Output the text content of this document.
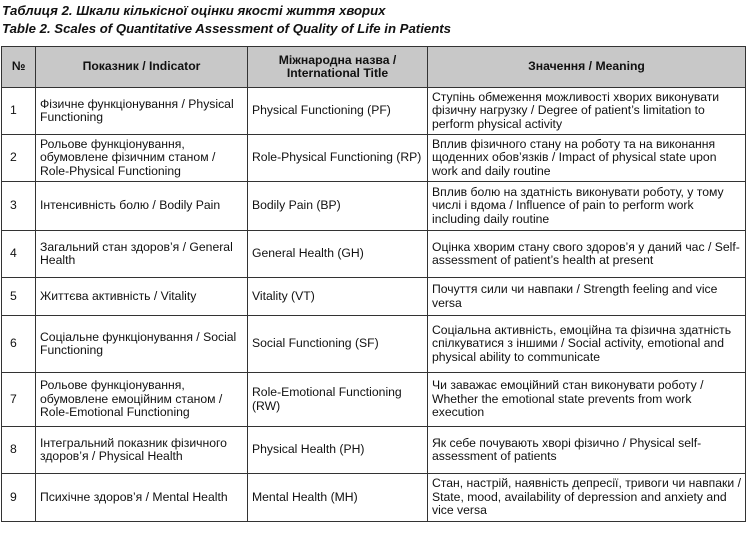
Таблиця 2. Шкали кількісної оцінки якості життя хворих
Table 2. Scales of Quantitative Assessment of Quality of Life in Patients
№	Показник / Indicator	Міжнародна назва / International Title	Значення / Meaning
1	Фізичне функціонування / Physical Functioning	Physical Functioning (PF)	Ступінь обмеження можливості хворих виконувати фізичну нагрузку / Degree of patient’s limitation to perform physical activity
2	Рольове функціонування, обумовлене фізичним станом / Role-Physical Functioning	Role-Physical Functioning (RP)	Вплив фізичного стану на роботу та на виконання щоденних обов’язків / Impact of physical state upon work and daily routine
3	Інтенсивність болю / Bodily Pain	Bodily Pain (BP)	Вплив болю на здатність виконувати роботу, у тому числі і вдома / Influence of pain to perform work including daily routine
4	Загальний стан здоров’я / General Health	General Health (GH)	Оцінка хворим стану свого здоров’я у даний час / Self-assessment of patient’s health at present
5	Життєва активність / Vitality	Vitality (VT)	Почуття сили чи навпаки / Strength feeling and vice versa
6	Соціальне функціонування / Social Functioning	Social Functioning (SF)	Соціальна активність, емоційна та фізична здатність спілкуватися з іншими / Social activity, emotional and physical ability to communicate
7	Рольове функціонування, обумовлене емоційним станом / Role-Emotional Functioning	Role-Emotional Functioning (RW)	Чи заважає емоційний стан виконувати роботу / Whether the emotional state prevents from work execution
8	Інтегральний показник фізичного здоров’я / Physical Health	Physical Health (PH)	Як себе почувають хворі фізично / Physical self-assessment of patients
9	Психічне здоров’я / Mental Health	Mental Health (MH)	Стан, настрій, наявність депресії, тривоги чи навпаки / State, mood, availability of depression and anxiety and vice versa
